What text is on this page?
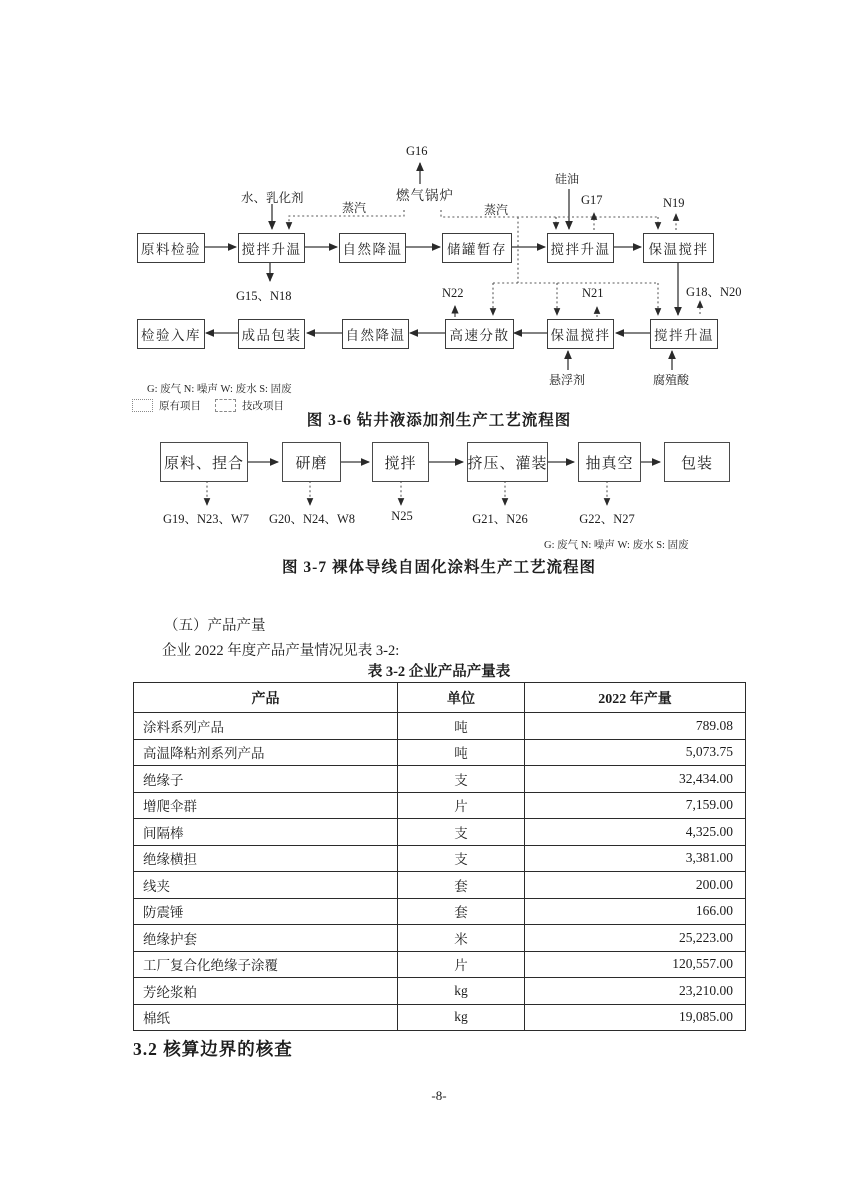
原料检验	搅拌升温	自然降温	储罐暂存	搅拌升温	保温搅拌
检验入库	成品包装	自然降温	高速分散	保温搅拌	搅拌升温
G16
燃气锅炉
水、乳化剂
蒸汽	蒸汽
硅油
G17	N19
G15、N18	N22	N21	G18、N20
悬浮剂	腐殖酸
G: 废气 N: 噪声 W: 废水 S: 固废
原有项目	技改项目
图 3-6 钻井液添加剂生产工艺流程图
原料、捏合	研磨	搅拌	挤压、灌装	抽真空	包装
G19、N23、W7	G20、N24、W8	N25	G21、N26	G22、N27
G: 废气 N: 噪声 W: 废水 S: 固废
图 3-7 裸体导线自固化涂料生产工艺流程图
（五）产品产量
企业 2022 年度产品产量情况见表 3-2:
表 3-2 企业产品产量表
产品	单位	2022 年产量
涂料系列产品	吨	789.08
高温降粘剂系列产品	吨	5,073.75
绝缘子	支	32,434.00
增爬伞群	片	7,159.00
间隔棒	支	4,325.00
绝缘横担	支	3,381.00
线夹	套	200.00
防震锤	套	166.00
绝缘护套	米	25,223.00
工厂复合化绝缘子涂覆	片	120,557.00
芳纶浆粕	kg	23,210.00
棉纸	kg	19,085.00
3.2 核算边界的核查
-8-
